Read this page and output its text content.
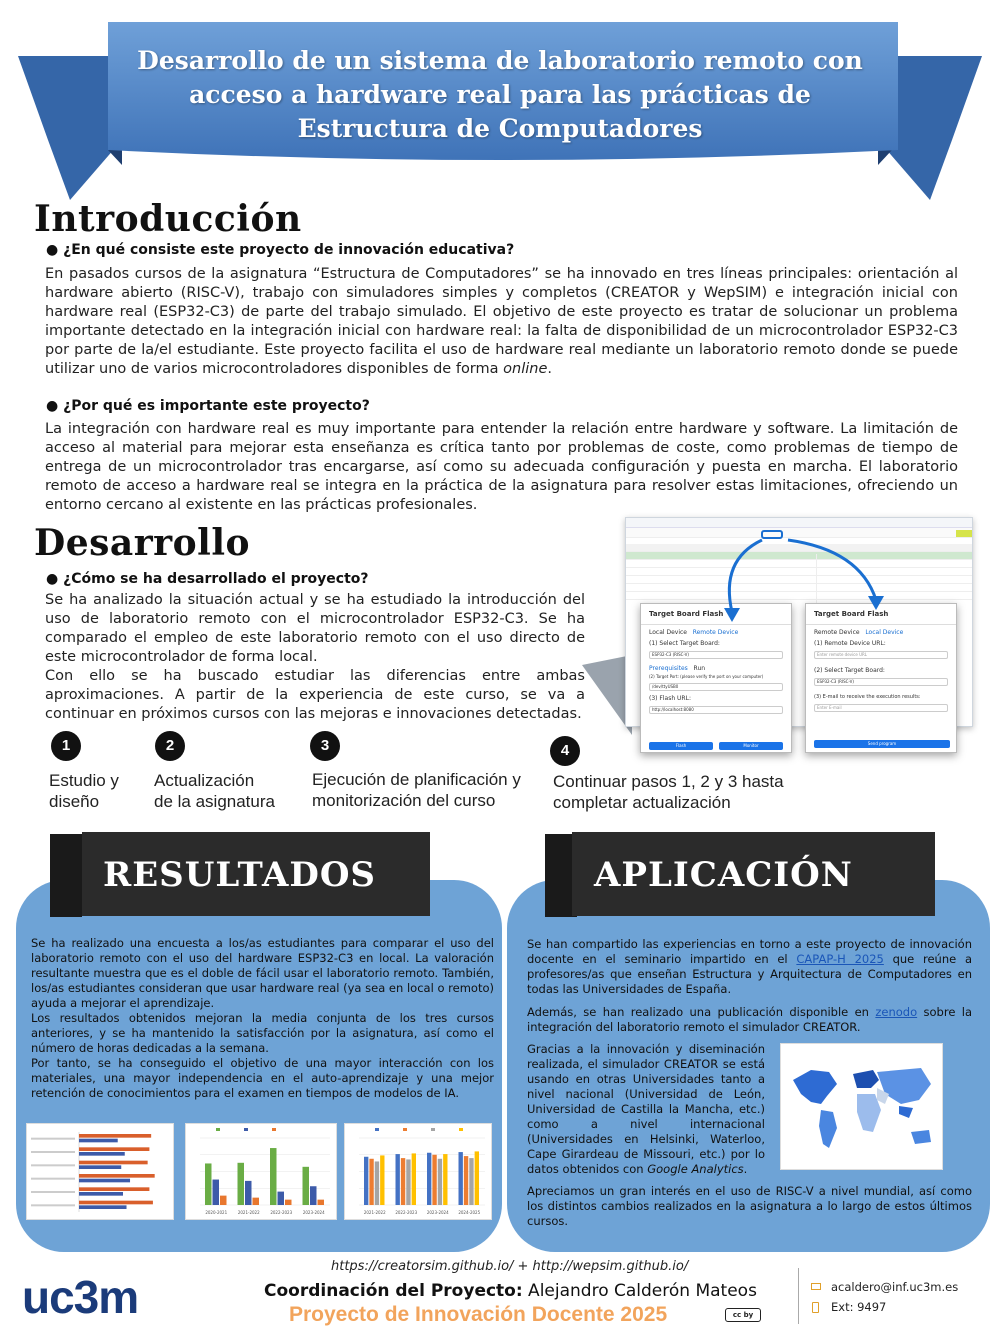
Desarrollo de un sistema de laboratorio remoto con acceso a hardware real para las prácticas de Estructura de Computadores
Introducción
● ¿En qué consiste este proyecto de innovación educativa?
En pasados cursos de la asignatura “Estructura de Computadores” se ha innovado en tres líneas principales: orientación al hardware abierto (RISC-V), trabajo con simuladores simples y completos (CREATOR y WepSIM) e integración inicial con hardware real (ESP32-C3) de parte del trabajo simulado. El objetivo de este proyecto es tratar de solucionar un problema importante detectado en la integración inicial con hardware real: la falta de disponibilidad de un microcontrolador ESP32-C3 por parte de la/el estudiante. Este proyecto facilita el uso de hardware real mediante un laboratorio remoto donde se puede utilizar uno de varios microcontroladores disponibles de forma online.
● ¿Por qué es importante este proyecto?
La integración con hardware real es muy importante para entender la relación entre hardware y software. La limitación de acceso al material para mejorar esta enseñanza es crítica tanto por problemas de coste, como problemas de tiempo de entrega de un microcontrolador tras encargarse, así como su adecuada configuración y puesta en marcha. El laboratorio remoto de acceso a hardware real se integra en la práctica de la asignatura para resolver estas limitaciones, ofreciendo un entorno cercano al existente en las prácticas profesionales.
Desarrollo
● ¿Cómo se ha desarrollado el proyecto?
Se ha analizado la situación actual y se ha estudiado la introducción del uso de laboratorio remoto con el microcontrolador ESP32-C3. Se ha comparado el empleo de este laboratorio remoto con el uso directo de este microcontrolador de forma local.
Con ello se ha buscado estudiar las diferencias entre ambas aproximaciones. A partir de la experiencia de este curso, se va a continuar en próximos cursos con las mejoras e innovaciones detectadas.
Target Board Flash
Local Device Remote Device
(1) Select Target Board:
ESP32-C3 (RISC-V)
Prerequisites Run
(2) Target Port: (please verify the port on your computer)
/dev/ttyUSB0
(3) Flash URL:
http://localhost:8080
Flash	Monitor
Target Board Flash
Remote Device Local Device
(1) Remote Device URL:
Enter remote device URL
(2) Select Target Board:
ESP32-C3 (RISC-V)
(3) E-mail to receive the execution results:
Enter E-mail
Send program
1
Estudio y
diseño
2
Actualización
de la asignatura
3
Ejecución de planificación y
monitorización del curso
4
Continuar pasos 1, 2 y 3 hasta
completar actualización
RESULTADOS

Se ha realizado una encuesta a los/as estudiantes para comparar el uso del laboratorio remoto con el uso del hardware ESP32-C3 en local. La valoración resultante muestra que es el doble de fácil usar el laboratorio remoto. También, los/as estudiantes consideran que usar hardware real (ya sea en local o remoto) ayuda a mejorar el aprendizaje.

Los resultados obtenidos mejoran la media conjunta de los tres cursos anteriores, y se ha mantenido la satisfacción por la asignatura, así como el número de horas dedicadas a la semana.

Por tanto, se ha conseguido el objetivo de una mayor interacción con los materiales, una mayor independencia en el auto-aprendizaje y una mejor retención de conocimientos para el examen en tiempos de modelos de IA.

2020-2021	2021-2022	2022-2023	2023-2024	2021-2022 2022-2023 2023-2024 2024-2025
APLICACIÓN
Se han compartido las experiencias en torno a este proyecto de innovación docente en el seminario impartido en el CAPAP-H 2025 que reúne a profesores/as que enseñan Estructura y Arquitectura de Computadores en todas las Universidades de España.
Además, se han realizado una publicación disponible en zenodo sobre la integración del laboratorio remoto el simulador CREATOR.
Gracias a la innovación y diseminación realizada, el simulador CREATOR se está usando en otras Universidades tanto a nivel nacional (Universidad de León, Universidad de Castilla la Mancha, etc.) como a nivel internacional (Universidades en Helsinki, Waterloo, Cape Girardeau de Missouri, etc.) por lo datos obtenidos con Google Analytics.
Apreciamos un gran interés en el uso de RISC-V a nivel mundial, así como los distintos cambios realizados en la asignatura a lo largo de estos últimos cursos.
https://creatorsim.github.io/ + http://wepsim.github.io/
uc3m	Coordinación del Proyecto: Alejandro Calderón Mateos
Proyecto de Innovación Docente 2025	cc by
acaldero@inf.uc3m.es
Ext: 9497
